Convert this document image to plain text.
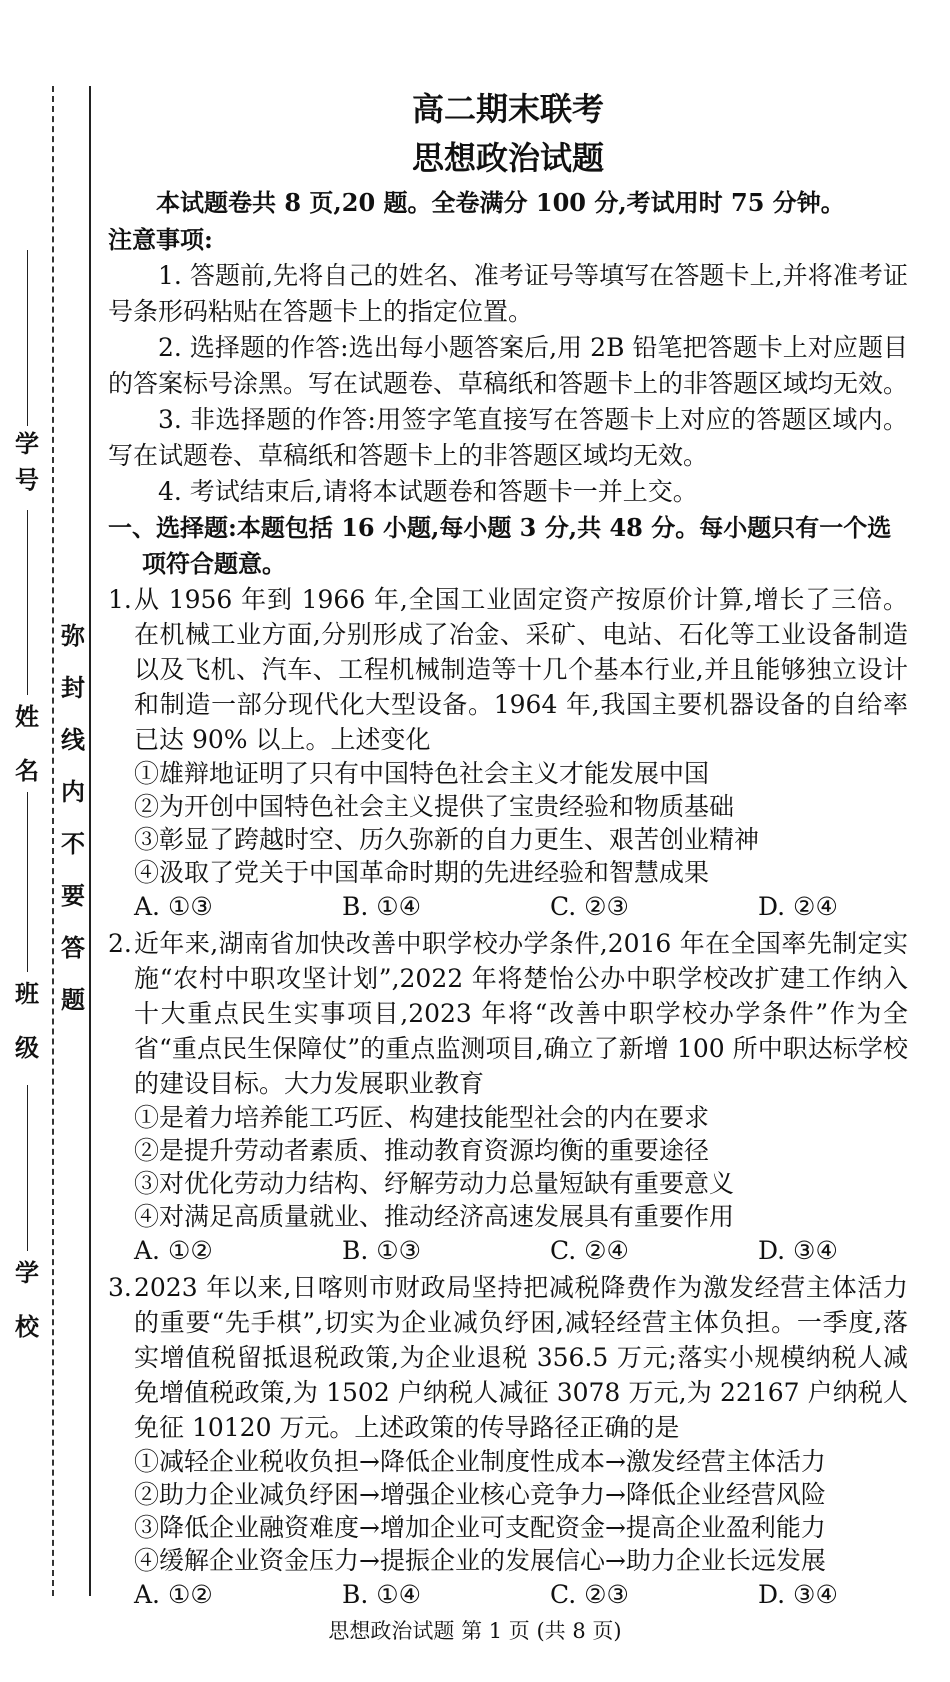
学
号
姓
名
班
级
学
校
弥
封
线
内
不
要
答
题
高二期末联考
思想政治试题

本试题卷共 8 页,20 题。全卷满分 100 分,考试用时 75 分钟。

注意事项:

1. 答题前,先将自己的姓名、准考证号等填写在答题卡上,并将准考证号条形码粘贴在答题卡上的指定位置。

2. 选择题的作答:选出每小题答案后,用 2B 铅笔把答题卡上对应题目的答案标号涂黑。写在试题卷、草稿纸和答题卡上的非答题区域均无效。

3. 非选择题的作答:用签字笔直接写在答题卡上对应的答题区域内。写在试题卷、草稿纸和答题卡上的非答题区域均无效。

4. 考试结束后,请将本试题卷和答题卡一并上交。

一、选择题:本题包括 16 小题,每小题 3 分,共 48 分。每小题只有一个选项符合题意。

1. 从 1956 年到 1966 年,全国工业固定资产按原价计算,增长了三倍。在机械工业方面,分别形成了冶金、采矿、电站、石化等工业设备制造以及飞机、汽车、工程机械制造等十几个基本行业,并且能够独立设计和制造一部分现代化大型设备。1964 年,我国主要机器设备的自给率已达 90% 以上。上述变化
①雄辩地证明了只有中国特色社会主义才能发展中国
②为开创中国特色社会主义提供了宝贵经验和物质基础
③彰显了跨越时空、历久弥新的自力更生、艰苦创业精神
④汲取了党关于中国革命时期的先进经验和智慧成果
A. ①③	B. ①④	C. ②③	D. ②④
2. 近年来,湖南省加快改善中职学校办学条件,2016 年在全国率先制定实施“农村中职攻坚计划”,2022 年将楚怡公办中职学校改扩建工作纳入十大重点民生实事项目,2023 年将“改善中职学校办学条件”作为全省“重点民生保障仗”的重点监测项目,确立了新增 100 所中职达标学校的建设目标。大力发展职业教育
①是着力培养能工巧匠、构建技能型社会的内在要求
②是提升劳动者素质、推动教育资源均衡的重要途径
③对优化劳动力结构、纾解劳动力总量短缺有重要意义
④对满足高质量就业、推动经济高速发展具有重要作用
A. ①②	B. ①③	C. ②④	D. ③④
3. 2023 年以来,日喀则市财政局坚持把减税降费作为激发经营主体活力的重要“先手棋”,切实为企业减负纾困,减轻经营主体负担。一季度,落实增值税留抵退税政策,为企业退税 356.5 万元;落实小规模纳税人减免增值税政策,为 1502 户纳税人减征 3078 万元,为 22167 户纳税人免征 10120 万元。上述政策的传导路径正确的是
①减轻企业税收负担→降低企业制度性成本→激发经营主体活力
②助力企业减负纾困→增强企业核心竞争力→降低企业经营风险
③降低企业融资难度→增加企业可支配资金→提高企业盈利能力
④缓解企业资金压力→提振企业的发展信心→助力企业长远发展
A. ①②	B. ①④	C. ②③	D. ③④
思想政治试题 第 1 页 (共 8 页)
